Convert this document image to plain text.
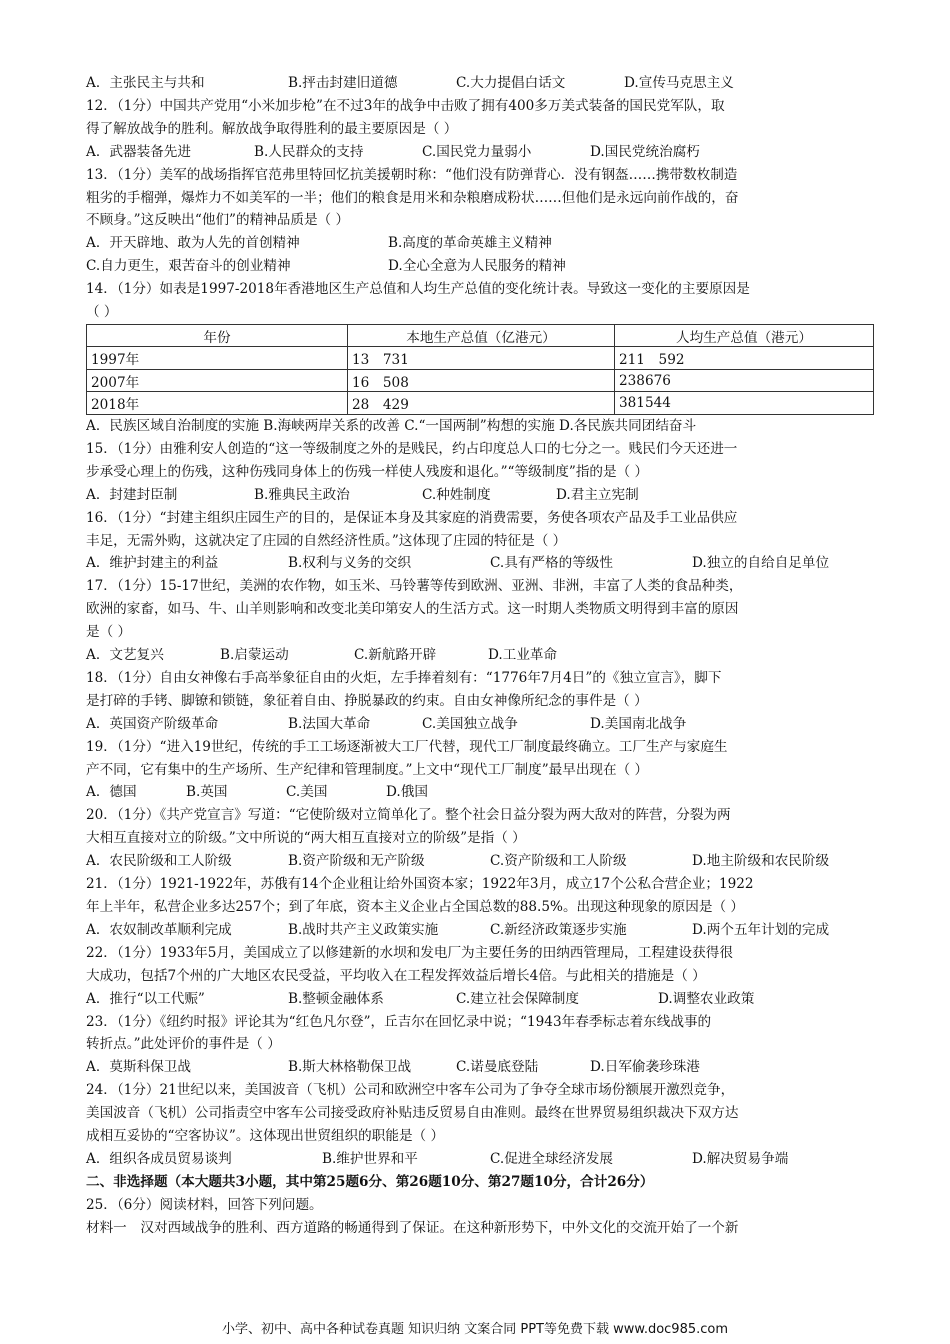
A．主张民主与共和	B.抨击封建旧道德	C.大力提倡白话文	D.宣传马克思主义
12．（1分）中国共产党用“小米加步枪”在不过3年的战争中击败了拥有400多万美式装备的国民党军队，取
得了解放战争的胜利。解放战争取得胜利的最主要原因是（ ）
A．武器装备先进	B.人民群众的支持	C.国民党力量弱小	D.国民党统治腐朽
13．（1分）美军的战场指挥官范弗里特回忆抗美援朝时称：“他们没有防弹背心．没有钢盔……携带数枚制造
粗劣的手榴弹，爆炸力不如美军的一半；他们的粮食是用米和杂粮磨成粉状……但他们是永远向前作战的，奋
不顾身。”这反映出“他们”的精神品质是（ ）
A．开天辟地、敢为人先的首创精神	B.高度的革命英雄主义精神
C.自力更生，艰苦奋斗的创业精神	D.全心全意为人民服务的精神
14．（1分）如表是1997-2018年香港地区生产总值和人均生产总值的变化统计表。导致这一变化的主要原因是
（ ）
年份	本地生产总值（亿港元）	人均生产总值（港元）
1997年	13　731	211　592
2007年	16　508	238676
2018年	28　429	381544
A．民族区域自治制度的实施 B.海峡两岸关系的改善 C.“一国两制”构想的实施 D.各民族共同团结奋斗
15．（1分）由雅利安人创造的“这一等级制度之外的是贱民，约占印度总人口的七分之一。贱民们今天还进一
步承受心理上的伤残，这种伤残同身体上的伤残一样使人残废和退化。”“等级制度”指的是（ ）
A．封建封臣制	B.雅典民主政治	C.种姓制度	D.君主立宪制
16．（1分）“封建主组织庄园生产的目的，是保证本身及其家庭的消费需要，务使各项农产品及手工业品供应
丰足，无需外购，这就决定了庄园的自然经济性质。”这体现了庄园的特征是（ ）
A．维护封建主的利益	B.权利与义务的交织	C.具有严格的等级性	D.独立的自给自足单位
17．（1分）15-17世纪，美洲的农作物，如玉米、马铃薯等传到欧洲、亚洲、非洲，丰富了人类的食品种类，
欧洲的家畜，如马、牛、山羊则影响和改变北美印第安人的生活方式。这一时期人类物质文明得到丰富的原因
是（ ）
A．文艺复兴	B.启蒙运动	C.新航路开辟	D.工业革命
18．（1分）自由女神像右手高举象征自由的火炬，左手捧着刻有：“1776年7月4日”的《独立宣言》，脚下
是打碎的手铐、脚镣和锁链，象征着自由、挣脱暴政的约束。自由女神像所纪念的事件是（ ）
A．英国资产阶级革命	B.法国大革命	C.美国独立战争	D.美国南北战争
19．（1分）“进入19世纪，传统的手工工场逐渐被大工厂代替，现代工厂制度最终确立。工厂生产与家庭生
产不同，它有集中的生产场所、生产纪律和管理制度。”上文中“现代工厂制度”最早出现在（ ）
A．德国	B.英国	C.美国	D.俄国
20．（1分）《共产党宣言》写道：“它使阶级对立简单化了。整个社会日益分裂为两大敌对的阵营，分裂为两
大相互直接对立的阶级。”文中所说的“两大相互直接对立的阶级”是指（ ）
A．农民阶级和工人阶级	B.资产阶级和无产阶级	C.资产阶级和工人阶级	D.地主阶级和农民阶级
21．（1分）1921-1922年，苏俄有14个企业租让给外国资本家；1922年3月，成立17个公私合营企业；1922
年上半年，私营企业多达257个；到了年底，资本主义企业占全国总数的88.5%。出现这种现象的原因是（ ）
A．农奴制改革顺利完成	B.战时共产主义政策实施	C.新经济政策逐步实施	D.两个五年计划的完成
22．（1分）1933年5月，美国成立了以修建新的水坝和发电厂为主要任务的田纳西管理局，工程建设获得很
大成功，包括7个州的广大地区农民受益，平均收入在工程发挥效益后增长4倍。与此相关的措施是（ ）
A．推行“以工代赈”	B.整顿金融体系	C.建立社会保障制度	D.调整农业政策
23．（1分）《纽约时报》评论其为“红色凡尔登”，丘吉尔在回忆录中说；“1943年春季标志着东线战事的
转折点。”此处评价的事件是（ ）
A．莫斯科保卫战	B.斯大林格勒保卫战	C.诺曼底登陆	D.日军偷袭珍珠港
24．（1分）21世纪以来，美国波音（飞机）公司和欧洲空中客车公司为了争夺全球市场份额展开激烈竞争，
美国波音（飞机）公司指责空中客车公司接受政府补贴违反贸易自由准则。最终在世界贸易组织裁决下双方达
成相互妥协的“空客协议”。这体现出世贸组织的职能是（ ）
A．组织各成员贸易谈判	B.维护世界和平	C.促进全球经济发展	D.解决贸易争端
二、非选择题（本大题共3小题，其中第25题6分、第26题10分、第27题10分，合计26分）
25．（6分）阅读材料，回答下列问题。
材料一　汉对西域战争的胜利、西方道路的畅通得到了保证。在这种新形势下，中外文化的交流开始了一个新
小学、初中、高中各种试卷真题 知识归纳 文案合同 PPT等免费下载 www.doc985.com
